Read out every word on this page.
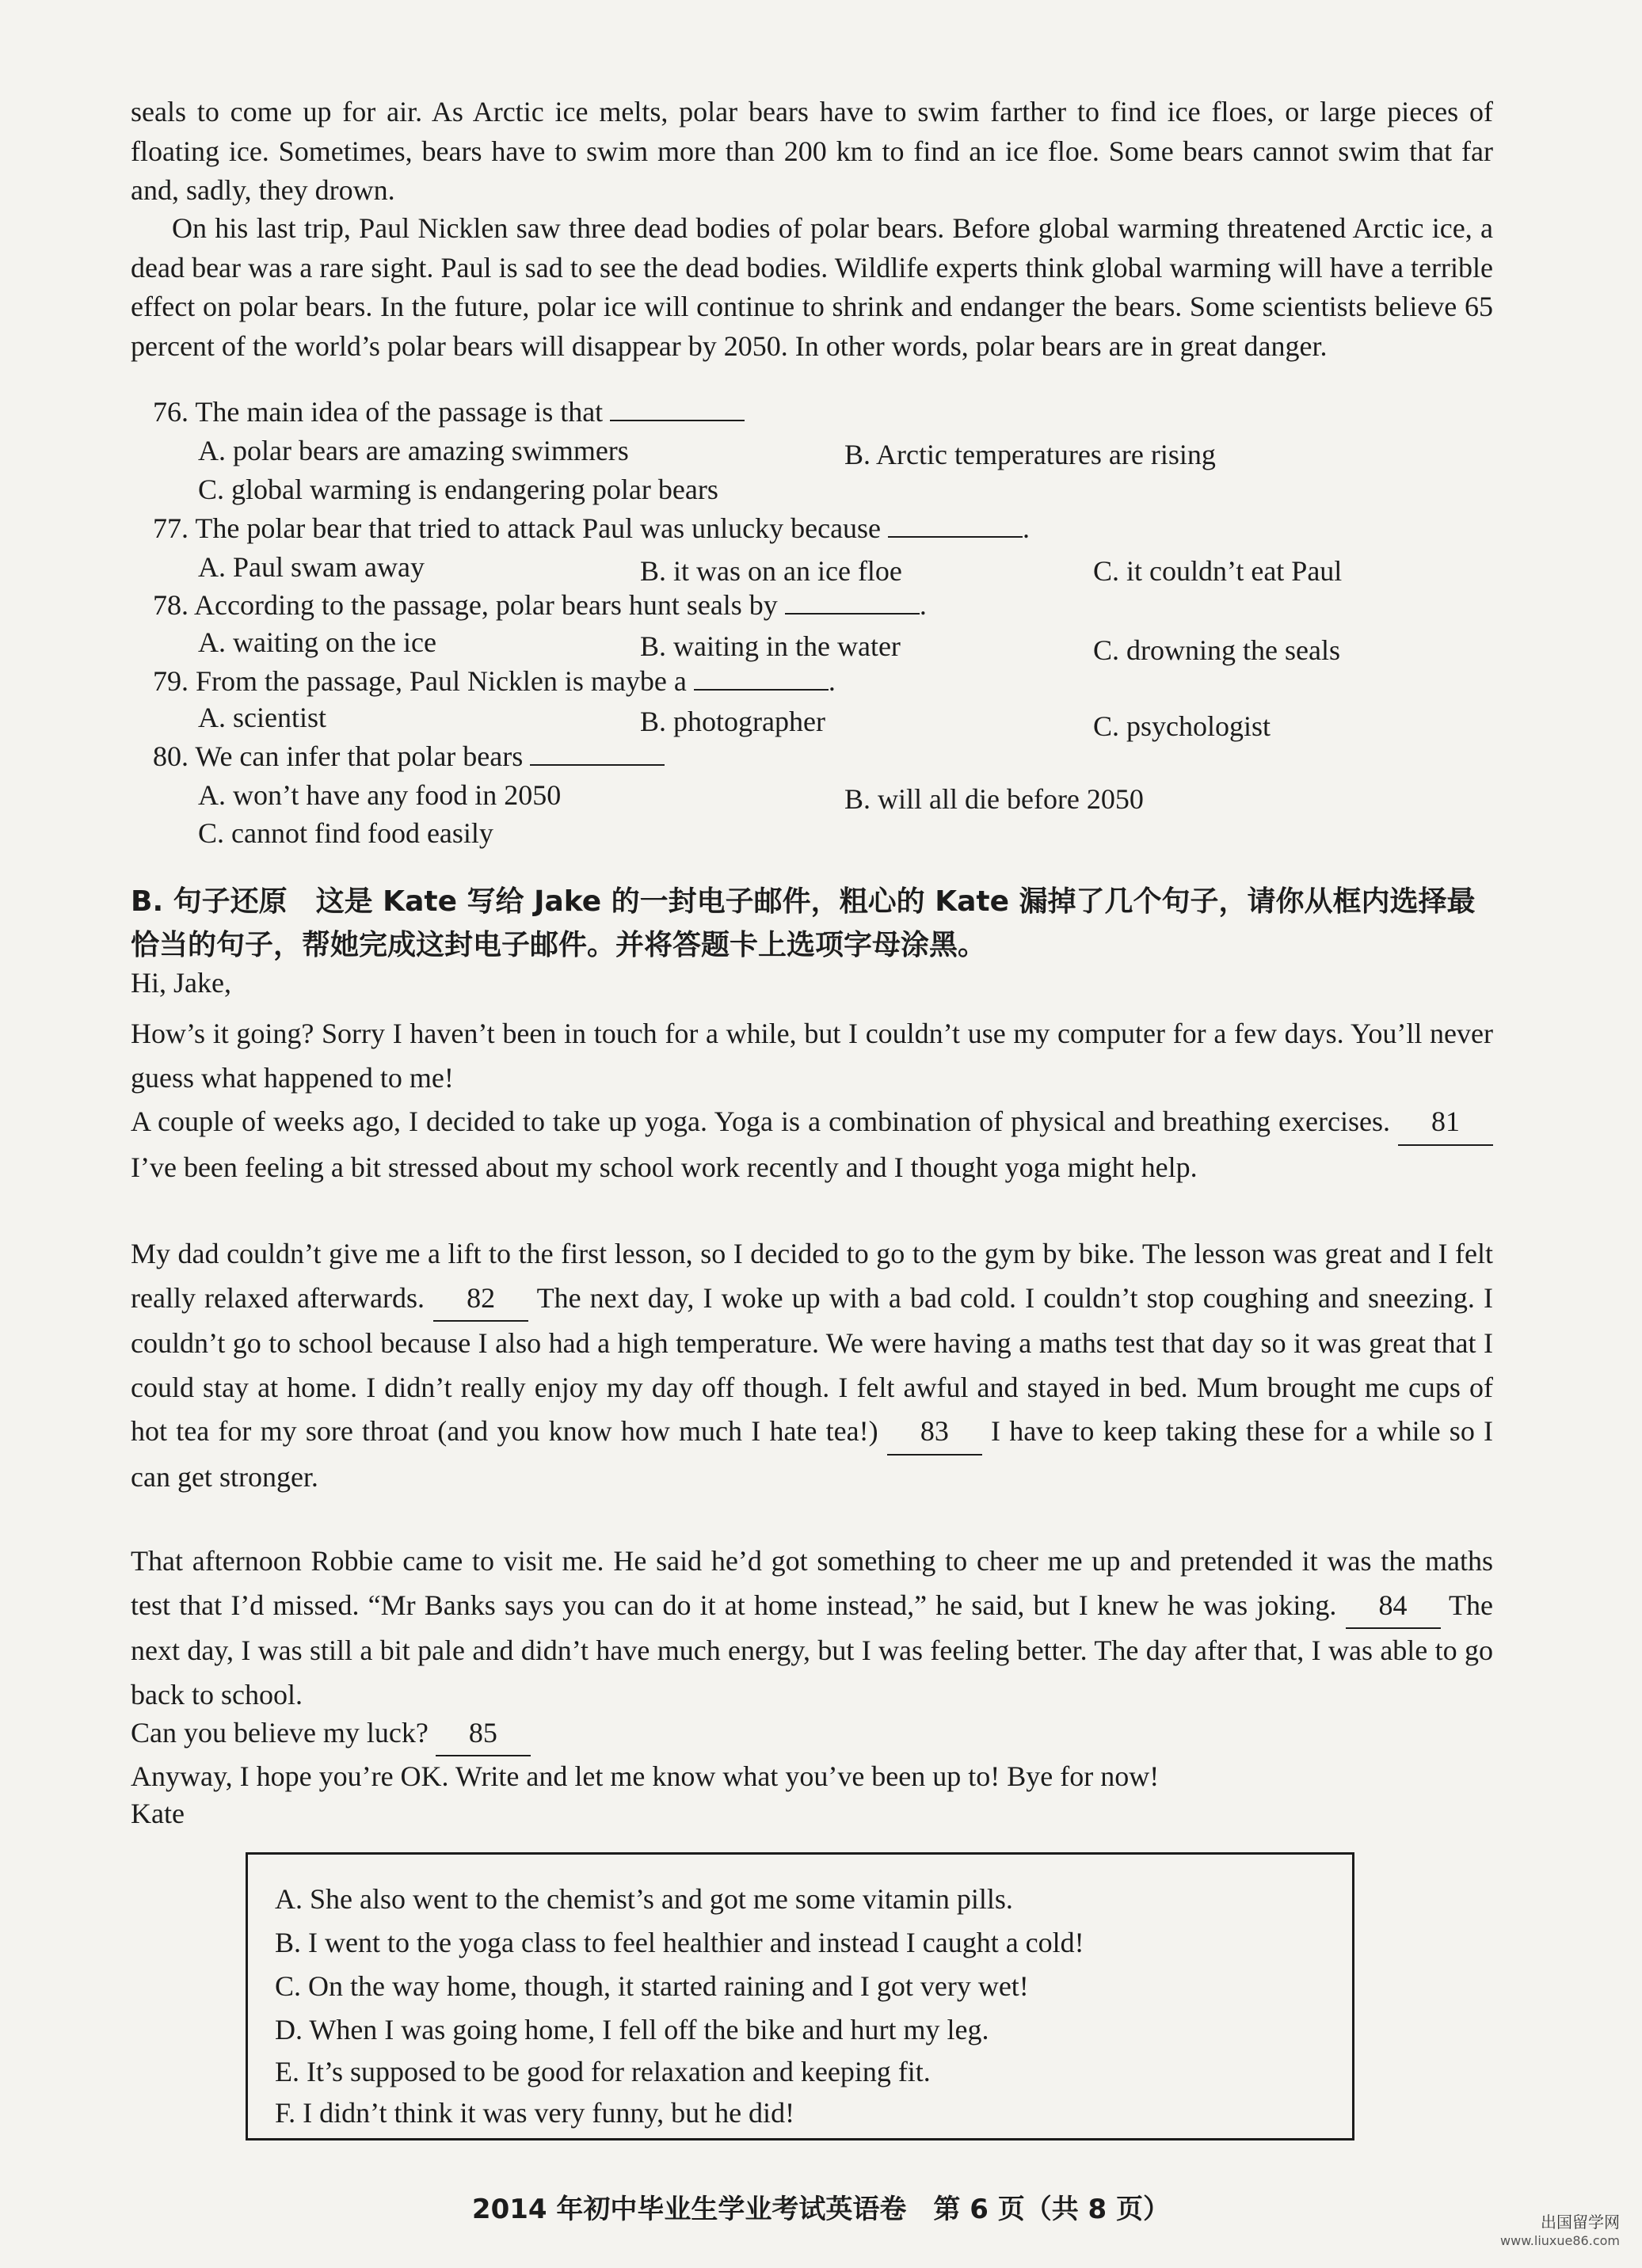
seals to come up for air. As Arctic ice melts, polar bears have to swim farther to find ice floes, or large pieces of floating ice. Sometimes, bears have to swim more than 200 km to find an ice floe. Some bears cannot swim that far and, sadly, they drown.

On his last trip, Paul Nicklen saw three dead bodies of polar bears. Before global warming threatened Arctic ice, a dead bear was a rare sight. Paul is sad to see the dead bodies. Wildlife experts think global warming will have a terrible effect on polar bears. In the future, polar ice will continue to shrink and endanger the bears. Some scientists believe 65 percent of the world’s polar bears will disappear by 2050. In other words, polar bears are in great danger.

76. The main idea of the passage is that

A. polar bears are amazing swimmers	B. Arctic temperatures are rising

C. global warming is endangering polar bears

77. The polar bear that tried to attack Paul was unlucky because	.

A. Paul swam away	B. it was on an ice floe	C. it couldn’t eat Paul

78. According to the passage, polar bears hunt seals by	.

A. waiting on the ice	B. waiting in the water	C. drowning the seals

79. From the passage, Paul Nicklen is maybe a	.

A. scientist	B. photographer	C. psychologist

80. We can infer that polar bears

A. won’t have any food in 2050	B. will all die before 2050

C. cannot find food easily

B. 句子还原　这是 Kate 写给 Jake 的一封电子邮件，粗心的 Kate 漏掉了几个句子，请你从框内选择最恰当的句子，帮她完成这封电子邮件。并将答题卡上选项字母涂黑。

Hi, Jake,

How’s it going? Sorry I haven’t been in touch for a while, but I couldn’t use my computer for a few days. You’ll never guess what happened to me!

A couple of weeks ago, I decided to take up yoga. Yoga is a combination of physical and breathing exercises. 81 I’ve been feeling a bit stressed about my school work recently and I thought yoga might help.

My dad couldn’t give me a lift to the first lesson, so I decided to go to the gym by bike. The lesson was great and I felt really relaxed afterwards. 82 The next day, I woke up with a bad cold. I couldn’t stop coughing and sneezing. I couldn’t go to school because I also had a high temperature. We were having a maths test that day so it was great that I could stay at home. I didn’t really enjoy my day off though. I felt awful and stayed in bed. Mum brought me cups of hot tea for my sore throat (and you know how much I hate tea!) 83 I have to keep taking these for a while so I can get stronger.

That afternoon Robbie came to visit me. He said he’d got something to cheer me up and pretended it was the maths test that I’d missed. “Mr Banks says you can do it at home instead,” he said, but I knew he was joking. 84 The next day, I was still a bit pale and didn’t have much energy, but I was feeling better. The day after that, I was able to go back to school.

Can you believe my luck? 85

Anyway, I hope you’re OK. Write and let me know what you’ve been up to! Bye for now!

Kate

A. She also went to the chemist’s and got me some vitamin pills.
B. I went to the yoga class to feel healthier and instead I caught a cold!
C. On the way home, though, it started raining and I got very wet!
D. When I was going home, I fell off the bike and hurt my leg.
E. It’s supposed to be good for relaxation and keeping fit.
F. I didn’t think it was very funny, but he did!
2014 年初中毕业生学业考试英语卷　第 6 页（共 8 页）	出国留学网
www.liuxue86.com
